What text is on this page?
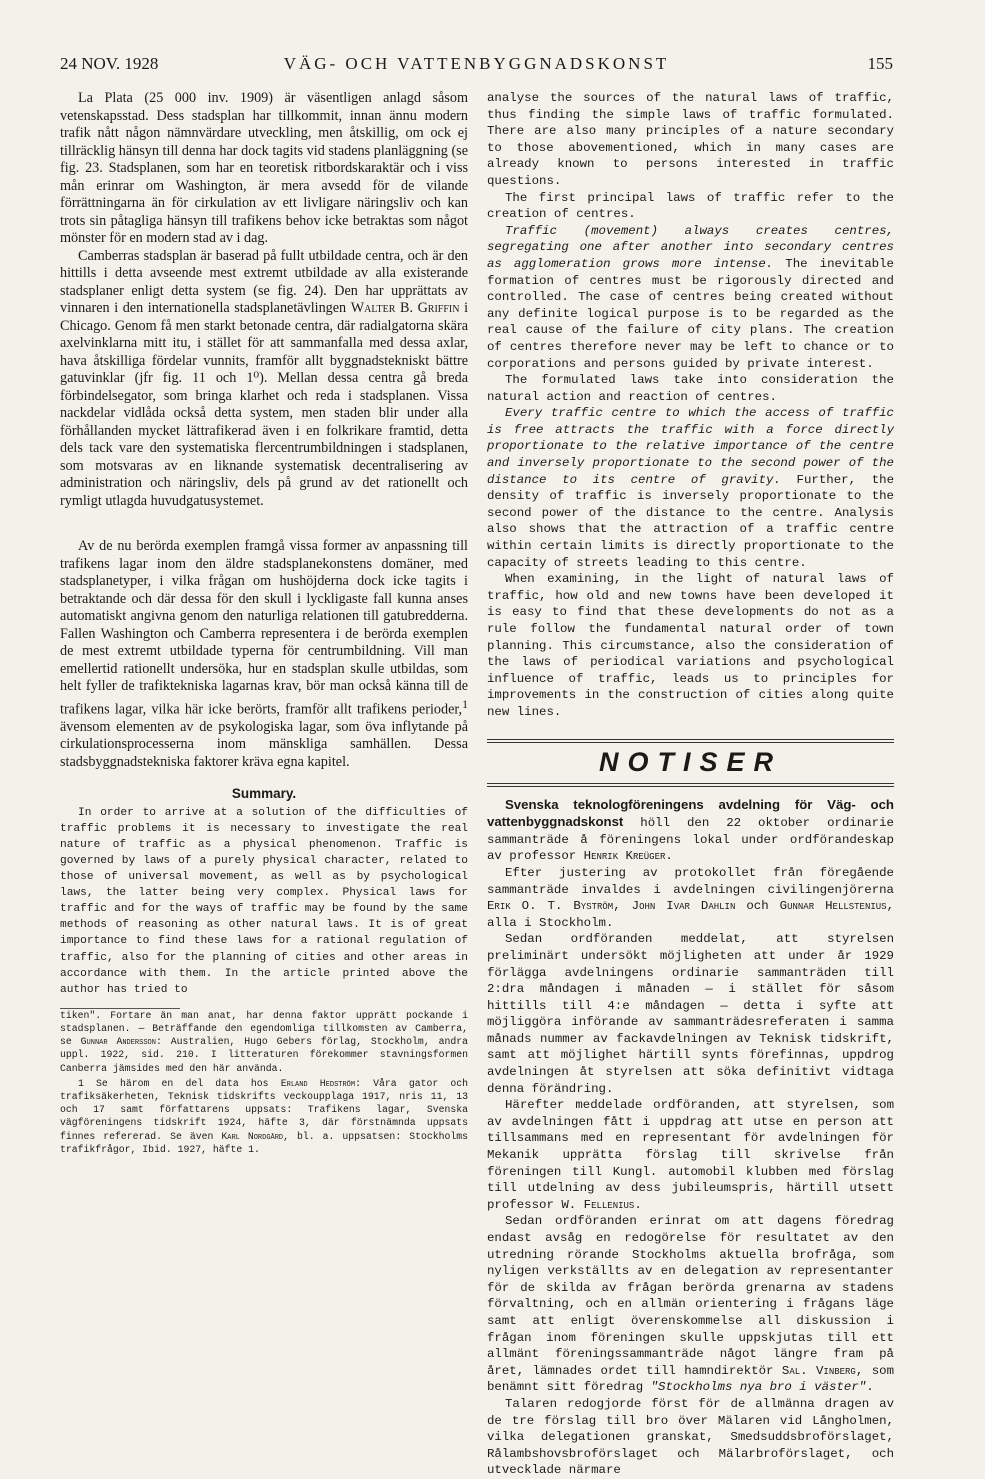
24 NOV. 1928	VÄG- OCH VATTENBYGGNADSKONST	155

La Plata (25 000 inv. 1909) är väsentligen anlagd såsom vetenskapsstad. Dess stadsplan har tillkommit, innan ännu modern trafik nått någon nämnvärdare utveckling, men åtskillig, om ock ej tillräcklig hänsyn till denna har dock tagits vid stadens planläggning (se fig. 23. Stadsplanen, som har en teoretisk ritbordskaraktär och i viss mån erinrar om Washington, är mera avsedd för de vilande förrättningarna än för cirkulation av ett livligare näringsliv och kan trots sin påtagliga hänsyn till trafikens behov icke betraktas som något mönster för en modern stad av i dag.

Camberras stadsplan är baserad på fullt utbildade centra, och är den hittills i detta avseende mest extremt utbildade av alla existerande stadsplaner enligt detta system (se fig. 24). Den har upprättats av vinnaren i den internationella stadsplanetävlingen Walter B. Griffin i Chicago. Genom få men starkt betonade centra, där radialgatorna skära axelvinklarna mitt itu, i stället för att sammanfalla med dessa axlar, hava åtskilliga fördelar vunnits, framför allt byggnadstekniskt bättre gatuvinklar (jfr fig. 11 och 1⁰). Mellan dessa centra gå breda förbindelsegator, som bringa klarhet och reda i stadsplanen. Vissa nackdelar vidlåda också detta system, men staden blir under alla förhållanden mycket lättrafikerad även i en folkrikare framtid, detta dels tack vare den systematiska flercentrumbildningen i stadsplanen, som motsvaras av en liknande systematisk decentralisering av administration och näringsliv, dels på grund av det rationellt och rymligt utlagda huvudgatusystemet.

Av de nu berörda exemplen framgå vissa former av anpassning till trafikens lagar inom den äldre stadsplanekonstens domäner, med stadsplanetyper, i vilka frågan om hushöjderna dock icke tagits i betraktande och där dessa för den skull i lyckligaste fall kunna anses automatiskt angivna genom den naturliga relationen till gatubredderna. Fallen Washington och Camberra representera i de berörda exemplen de mest extremt utbildade typerna för centrumbildning. Vill man emellertid rationellt undersöka, hur en stadsplan skulle utbildas, som helt fyller de trafiktekniska lagarnas krav, bör man också känna till de trafikens lagar, vilka här icke berörts, framför allt trafikens perioder,$^1$ ävensom elementen av de psykologiska lagar, som öva inflytande på cirkulationsprocesserna inom mänskliga samhällen. Dessa stadsbyggnadstekniska faktorer kräva egna kapitel.

Summary.

In order to arrive at a solution of the difficulties of traffic problems it is necessary to investigate the real nature of traffic as a physical phenomenon. Traffic is governed by laws of a purely physical character, related to those of universal movement, as well as by psychological laws, the latter being very complex. Physical laws for traffic and for the ways of traffic may be found by the same methods of reasoning as other natural laws. It is of great importance to find these laws for a rational regulation of traffic, also for the planning of cities and other areas in accordance with them. In the article printed above the author has tried to

tiken". Fortare än man anat, har denna faktor upprätt pockande i stadsplanen. — Beträffande den egendomliga tillkomsten av Camberra, se Gunnar Andersson: Australien, Hugo Gebers förlag, Stockholm, andra uppl. 1922, sid. 210. I litteraturen förekommer stavningsformen Canberra jämsides med den här använda.

1 Se härom en del data hos Erland Hedström: Våra gator och trafiksäkerheten, Teknisk tidskrifts veckoupplaga 1917, nris 11, 13 och 17 samt författarens uppsats: Trafikens lagar, Svenska vägföreningens tidskrift 1924, häfte 3, där förstnämnda uppsats finnes refererad. Se även Karl Nordgård, bl. a. uppsatsen: Stockholms trafikfrågor, Ibid. 1927, häfte 1.

analyse the sources of the natural laws of traffic, thus finding the simple laws of traffic formulated. There are also many principles of a nature secondary to those abovementioned, which in many cases are already known to persons interested in traffic questions.

The first principal laws of traffic refer to the creation of centres.

Traffic (movement) always creates centres, segregating one after another into secondary centres as agglomeration grows more intense. The inevitable formation of centres must be rigorously directed and controlled. The case of centres being created without any definite logical purpose is to be regarded as the real cause of the failure of city plans. The creation of centres therefore never may be left to chance or to corporations and persons guided by private interest.

The formulated laws take into consideration the natural action and reaction of centres.

Every traffic centre to which the access of traffic is free attracts the traffic with a force directly proportionate to the relative importance of the centre and inversely proportionate to the second power of the distance to its centre of gravity. Further, the density of traffic is inversely proportionate to the second power of the distance to the centre. Analysis also shows that the attraction of a traffic centre within certain limits is directly proportionate to the capacity of streets leading to this centre.

When examining, in the light of natural laws of traffic, how old and new towns have been developed it is easy to find that these developments do not as a rule follow the fundamental natural order of town planning. This circumstance, also the consideration of the laws of periodical variations and psychological influence of traffic, leads us to principles for improvements in the construction of cities along quite new lines.

NOTISER

Svenska teknologföreningens avdelning för Väg- och vattenbyggnadskonst höll den 22 oktober ordinarie sammanträde å föreningens lokal under ordförandeskap av professor Henrik Kreüger.

Efter justering av protokollet från föregående sammanträde invaldes i avdelningen civilingenjörerna Erik O. T. Byström, John Ivar Dahlin och Gunnar Hellstenius, alla i Stockholm.

Sedan ordföranden meddelat, att styrelsen preliminärt undersökt möjligheten att under år 1929 förlägga avdelningens ordinarie sammanträden till 2:dra måndagen i månaden — i stället för såsom hittills till 4:e måndagen — detta i syfte att möjliggöra införande av sammanträdesreferaten i samma månads nummer av fackavdelningen av Teknisk tidskrift, samt att möjlighet härtill synts förefinnas, uppdrog avdelningen åt styrelsen att söka definitivt vidtaga denna förändring.

Härefter meddelade ordföranden, att styrelsen, som av avdelningen fått i uppdrag att utse en person att tillsammans med en representant för avdelningen för Mekanik upprätta förslag till skrivelse från föreningen till Kungl. automobil klubben med förslag till utdelning av dess jubileumspris, härtill utsett professor W. Fellenius.

Sedan ordföranden erinrat om att dagens föredrag endast avsåg en redogörelse för resultatet av den utredning rörande Stockholms aktuella brofråga, som nyligen verkställts av en delegation av representanter för de skilda av frågan berörda grenarna av stadens förvaltning, och en allmän orientering i frågans läge samt att enligt överenskommelse all diskussion i frågan inom föreningen skulle uppskjutas till ett allmänt föreningssammanträde något längre fram på året, lämnades ordet till hamndirektör Sal. Vinberg, som benämnt sitt föredrag "Stockholms nya bro i väster".

Talaren redogjorde först för de allmänna dragen av de tre förslag till bro över Mälaren vid Långholmen, vilka delegationen granskat, Smedsuddsbroförslaget, Rålambshovsbroförslaget och Mälarbroförslaget, och utvecklade närmare
